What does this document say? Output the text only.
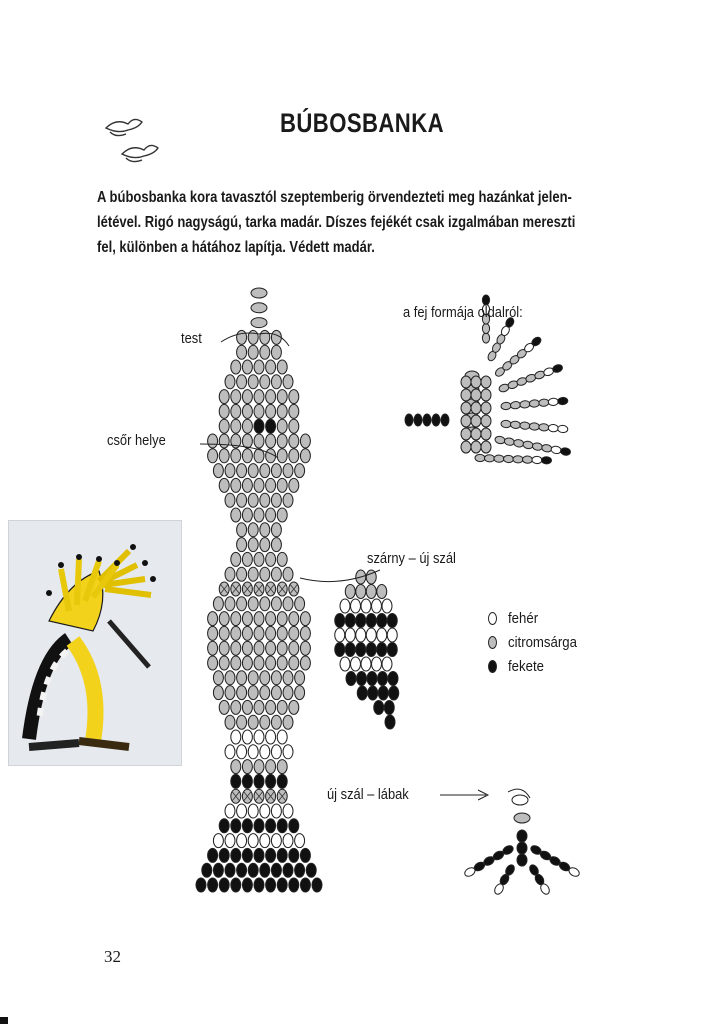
BÚBOSBANKA
A búbosbanka kora tavasztól szeptemberig örvendezteti meg hazánkat jelen-
létével. Rigó nagyságú, tarka madár. Díszes fejékét csak izgalmában mereszti
fel, különben a hátához lapítja. Védett madár.
test
csőr helye
a fej formája oldalról:
szárny – új szál
új szál – lábak
fehér
citromsárga
fekete
32
